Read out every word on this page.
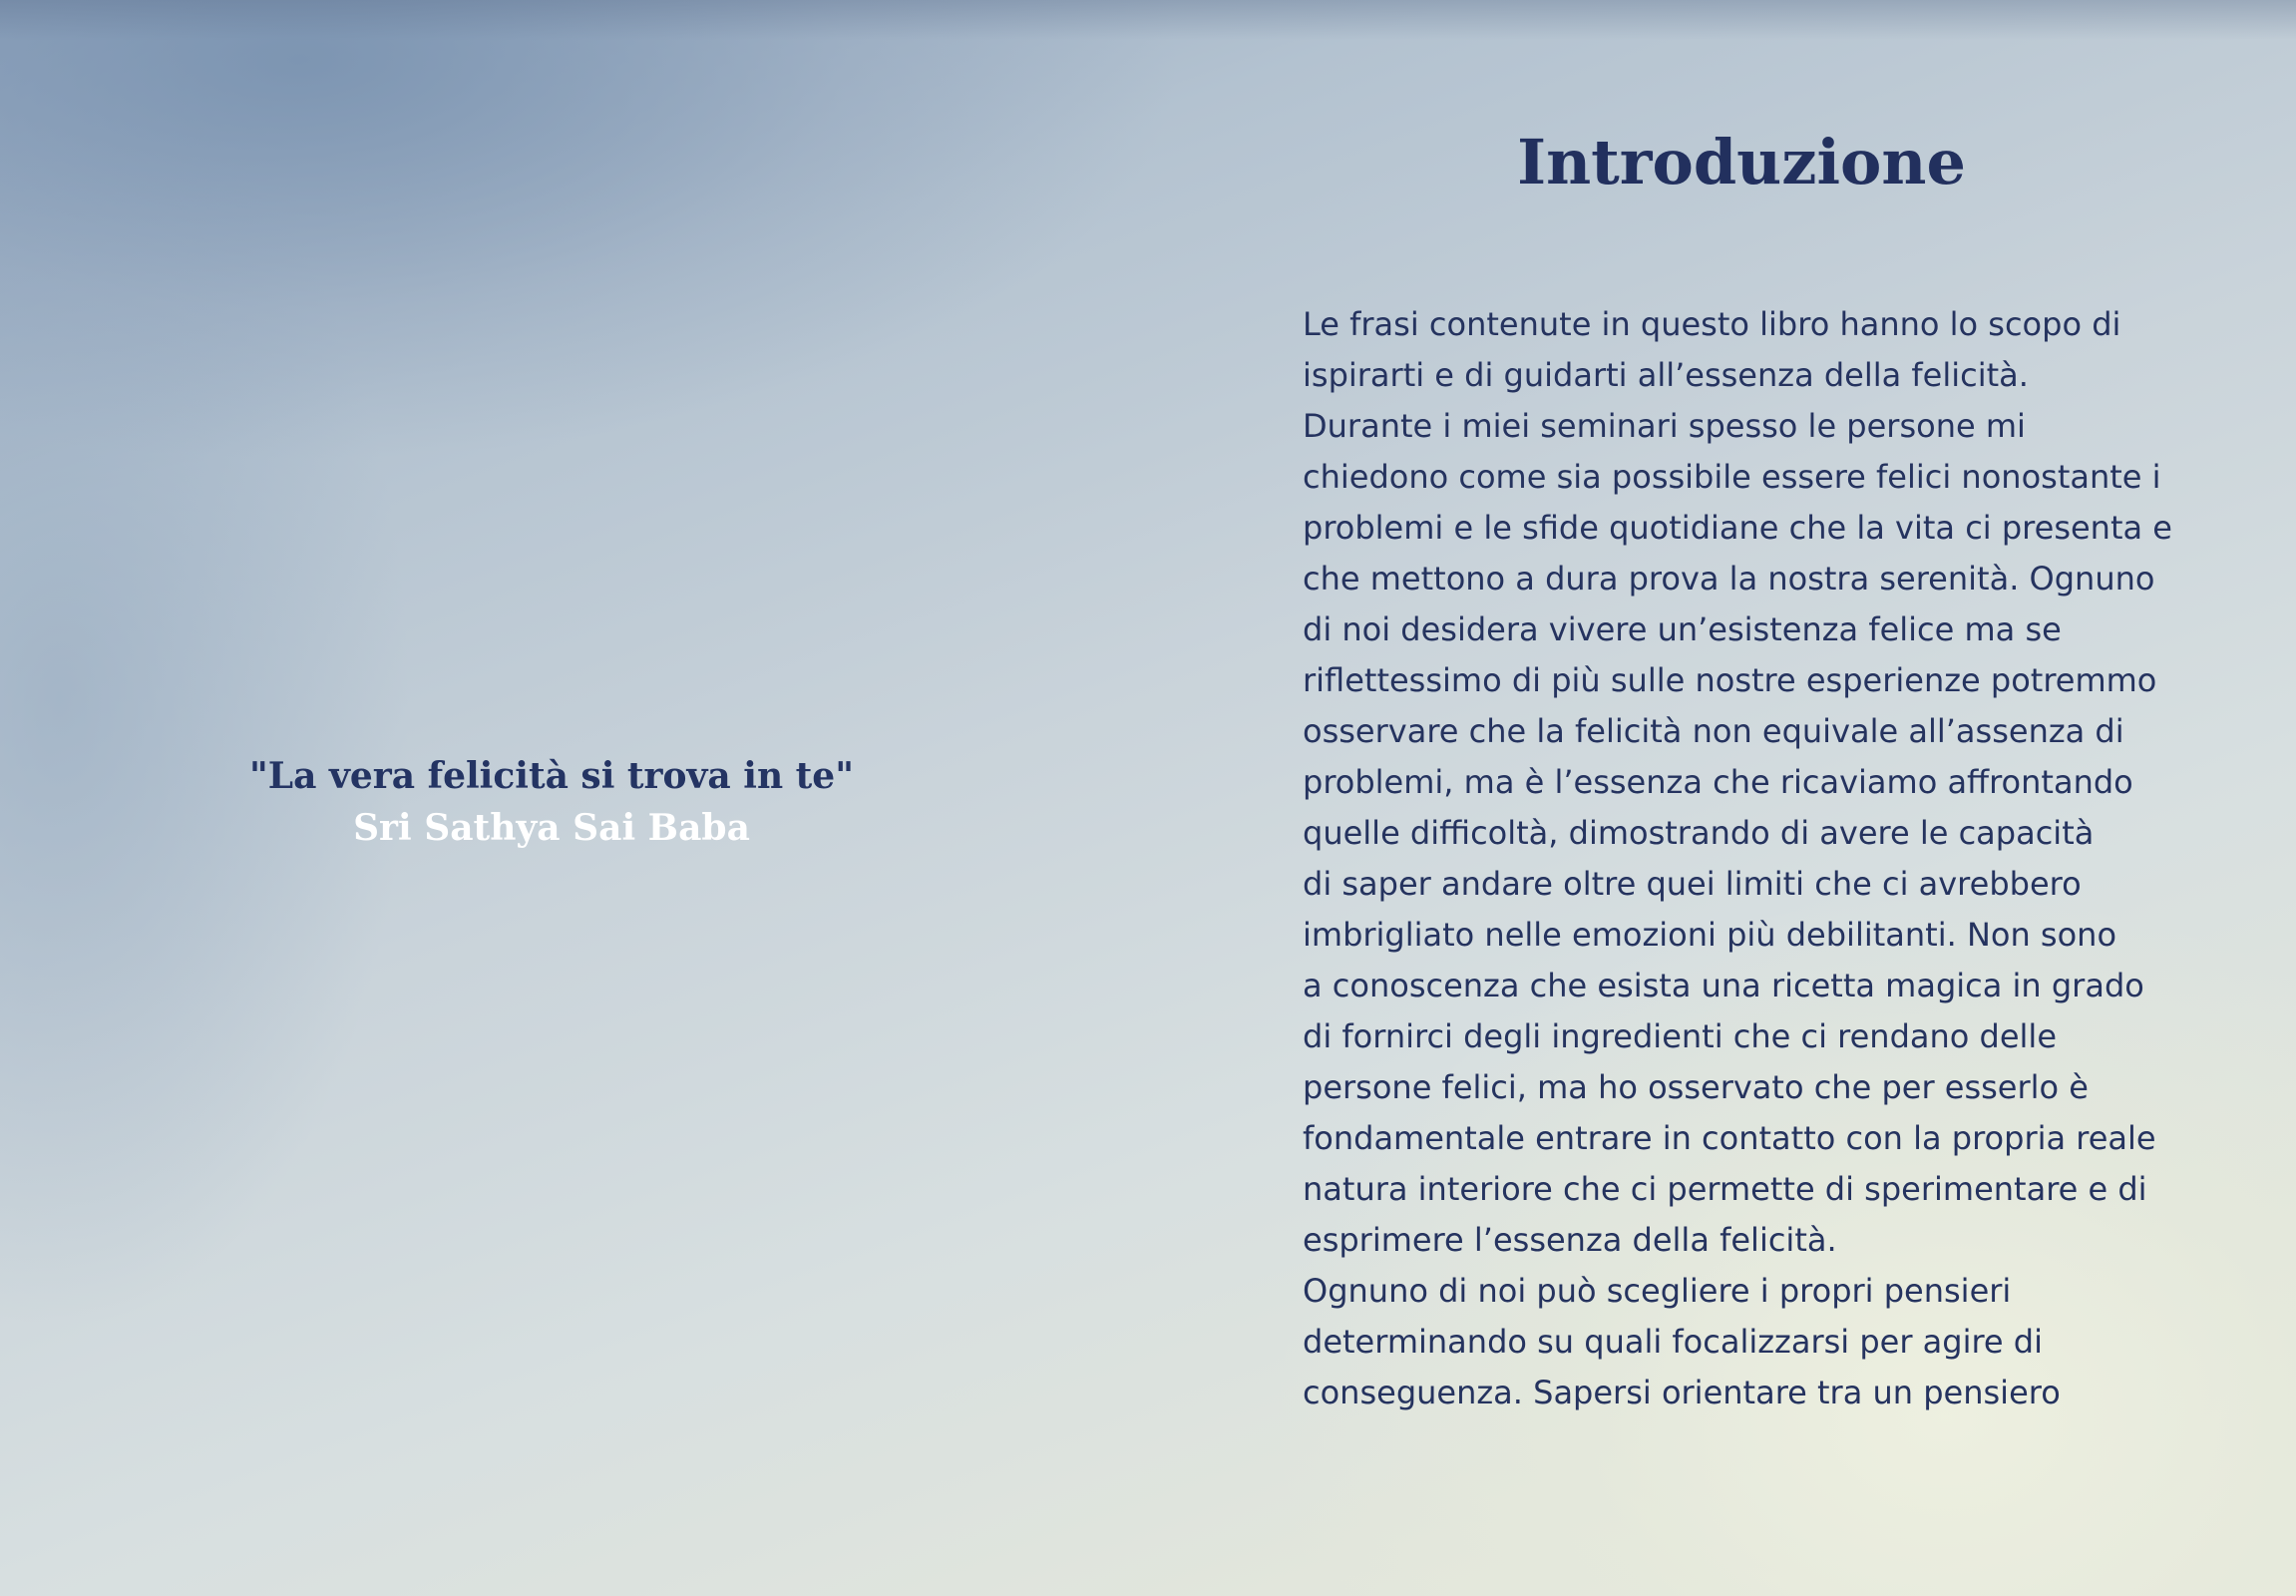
"La vera felicità si trova in te"
Sri Sathya Sai Baba
Introduzione

Le frasi contenute in questo libro hanno lo scopo di
ispirarti e di guidarti all’essenza della felicità.
Durante i miei seminari spesso le persone mi
chiedono come sia possibile essere felici nonostante i
problemi e le sfide quotidiane che la vita ci presenta e
che mettono a dura prova la nostra serenità. Ognuno
di noi desidera vivere un’esistenza felice ma se
riflettessimo di più sulle nostre esperienze potremmo
osservare che la felicità non equivale all’assenza di
problemi, ma è l’essenza che ricaviamo affrontando
quelle difficoltà, dimostrando di avere le capacità
di saper andare oltre quei limiti che ci avrebbero
imbrigliato nelle emozioni più debilitanti. Non sono
a conoscenza che esista una ricetta magica in grado
di fornirci degli ingredienti che ci rendano delle
persone felici, ma ho osservato che per esserlo è
fondamentale entrare in contatto con la propria reale
natura interiore che ci permette di sperimentare e di
esprimere l’essenza della felicità.
Ognuno di noi può scegliere i propri pensieri
determinando su quali focalizzarsi per agire di
conseguenza. Sapersi orientare tra un pensiero
